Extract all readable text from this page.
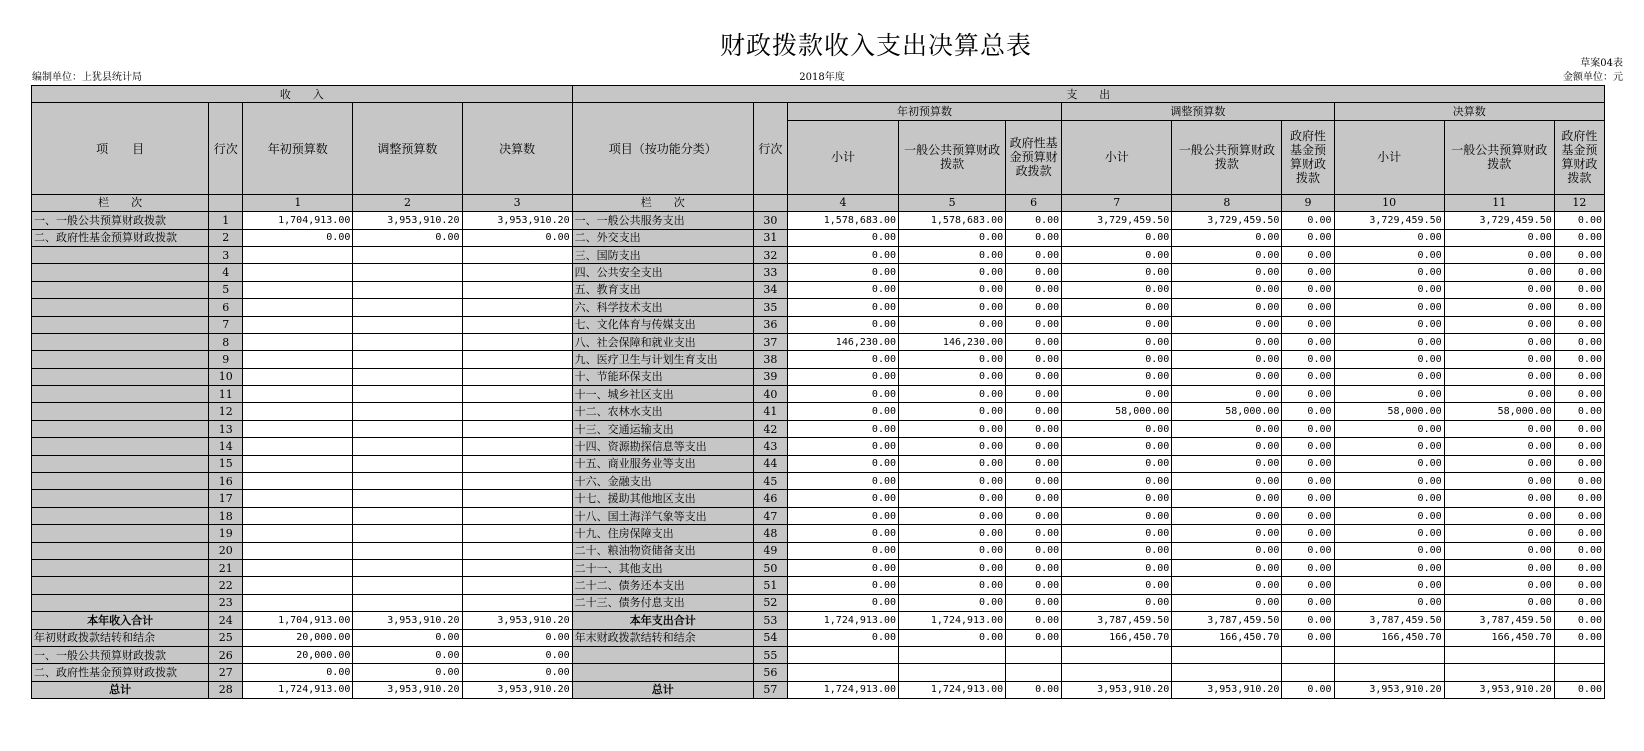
财政拨款收入支出决算总表
草案04表
编制单位：上犹县统计局	2018年度	金额单位：元
收　　入					支　　出										
项　　目	行次	年初预算数	调整预算数	决算数	项目（按功能分类）	行次	年初预算数			调整预算数			决算数		
							小计	一般公共预算财政拨款	政府性基金预算财政拨款	小计	一般公共预算财政拨款	政府性基金预算财政拨款	小计	一般公共预算财政拨款	政府性基金预算财政拨款

栏　　次		1	2	3	栏　　次		4	5	6	7	8	9	10	11	12
一、一般公共预算财政拨款	1	1,704,913.00	3,953,910.20	3,953,910.20	一、一般公共服务支出	30	1,578,683.00	1,578,683.00	0.00	3,729,459.50	3,729,459.50	0.00	3,729,459.50	3,729,459.50	0.00
二、政府性基金预算财政拨款	2	0.00	0.00	0.00	二、外交支出	31	0.00	0.00	0.00	0.00	0.00	0.00	0.00	0.00	0.00
	3				三、国防支出	32	0.00	0.00	0.00	0.00	0.00	0.00	0.00	0.00	0.00
	4				四、公共安全支出	33	0.00	0.00	0.00	0.00	0.00	0.00	0.00	0.00	0.00
	5				五、教育支出	34	0.00	0.00	0.00	0.00	0.00	0.00	0.00	0.00	0.00
	6				六、科学技术支出	35	0.00	0.00	0.00	0.00	0.00	0.00	0.00	0.00	0.00
	7				七、文化体育与传媒支出	36	0.00	0.00	0.00	0.00	0.00	0.00	0.00	0.00	0.00
	8				八、社会保障和就业支出	37	146,230.00	146,230.00	0.00	0.00	0.00	0.00	0.00	0.00	0.00
	9				九、医疗卫生与计划生育支出	38	0.00	0.00	0.00	0.00	0.00	0.00	0.00	0.00	0.00
	10				十、节能环保支出	39	0.00	0.00	0.00	0.00	0.00	0.00	0.00	0.00	0.00
	11				十一、城乡社区支出	40	0.00	0.00	0.00	0.00	0.00	0.00	0.00	0.00	0.00
	12				十二、农林水支出	41	0.00	0.00	0.00	58,000.00	58,000.00	0.00	58,000.00	58,000.00	0.00
	13				十三、交通运输支出	42	0.00	0.00	0.00	0.00	0.00	0.00	0.00	0.00	0.00
	14				十四、资源勘探信息等支出	43	0.00	0.00	0.00	0.00	0.00	0.00	0.00	0.00	0.00
	15				十五、商业服务业等支出	44	0.00	0.00	0.00	0.00	0.00	0.00	0.00	0.00	0.00
	16				十六、金融支出	45	0.00	0.00	0.00	0.00	0.00	0.00	0.00	0.00	0.00
	17				十七、援助其他地区支出	46	0.00	0.00	0.00	0.00	0.00	0.00	0.00	0.00	0.00
	18				十八、国土海洋气象等支出	47	0.00	0.00	0.00	0.00	0.00	0.00	0.00	0.00	0.00
	19				十九、住房保障支出	48	0.00	0.00	0.00	0.00	0.00	0.00	0.00	0.00	0.00
	20				二十、粮油物资储备支出	49	0.00	0.00	0.00	0.00	0.00	0.00	0.00	0.00	0.00
	21				二十一、其他支出	50	0.00	0.00	0.00	0.00	0.00	0.00	0.00	0.00	0.00
	22				二十二、债务还本支出	51	0.00	0.00	0.00	0.00	0.00	0.00	0.00	0.00	0.00
	23				二十三、债务付息支出	52	0.00	0.00	0.00	0.00	0.00	0.00	0.00	0.00	0.00
本年收入合计	24	1,704,913.00	3,953,910.20	3,953,910.20	本年支出合计	53	1,724,913.00	1,724,913.00	0.00	3,787,459.50	3,787,459.50	0.00	3,787,459.50	3,787,459.50	0.00
年初财政拨款结转和结余	25	20,000.00	0.00	0.00	年末财政拨款结转和结余	54	0.00	0.00	0.00	166,450.70	166,450.70	0.00	166,450.70	166,450.70	0.00
一、一般公共预算财政拨款	26	20,000.00	0.00	0.00		55									
二、政府性基金预算财政拨款	27	0.00	0.00	0.00		56									
总计	28	1,724,913.00	3,953,910.20	3,953,910.20	总计	57	1,724,913.00	1,724,913.00	0.00	3,953,910.20	3,953,910.20	0.00	3,953,910.20	3,953,910.20	0.00
